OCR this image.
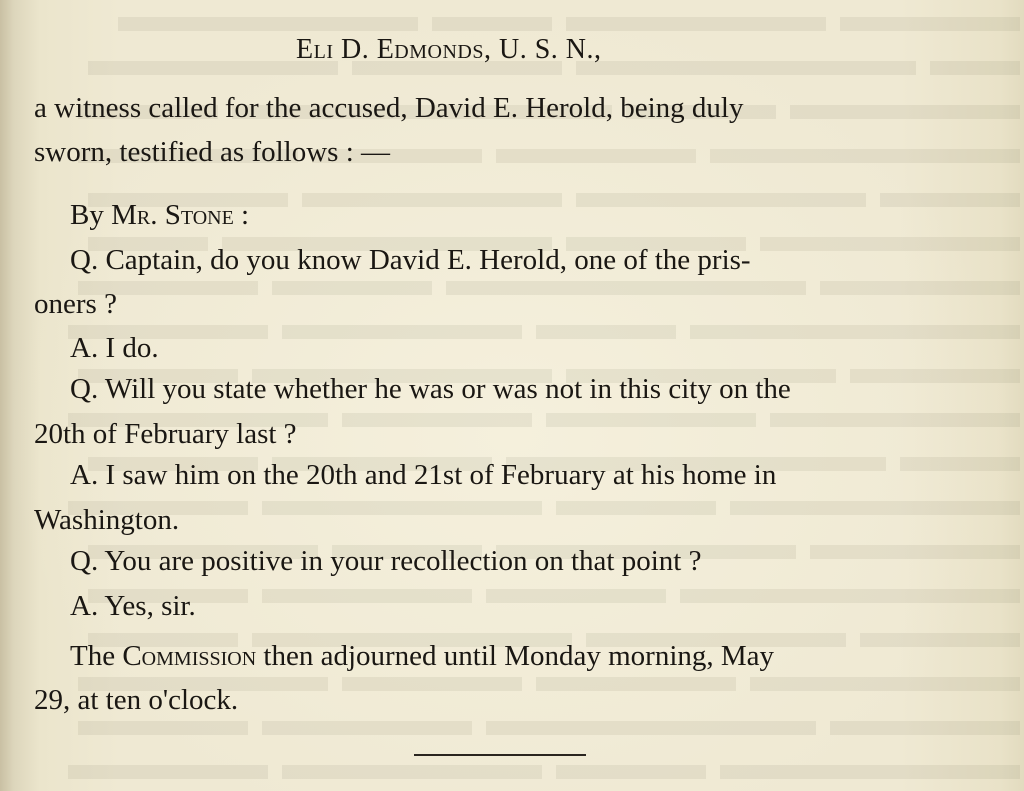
Eli D. Edmonds, U. S. N.,
a witness called for the accused, David E. Herold, being duly
sworn, testified as follows : —
By Mr. Stone :
Q. Captain, do you know David E. Herold, one of the pris-
oners ?
A. I do.
Q. Will you state whether he was or was not in this city on the
20th of February last ?
A. I saw him on the 20th and 21st of February at his home in
Washington.
Q. You are positive in your recollection on that point ?
A. Yes, sir.
The Commission then adjourned until Monday morning, May
29, at ten o'clock.
